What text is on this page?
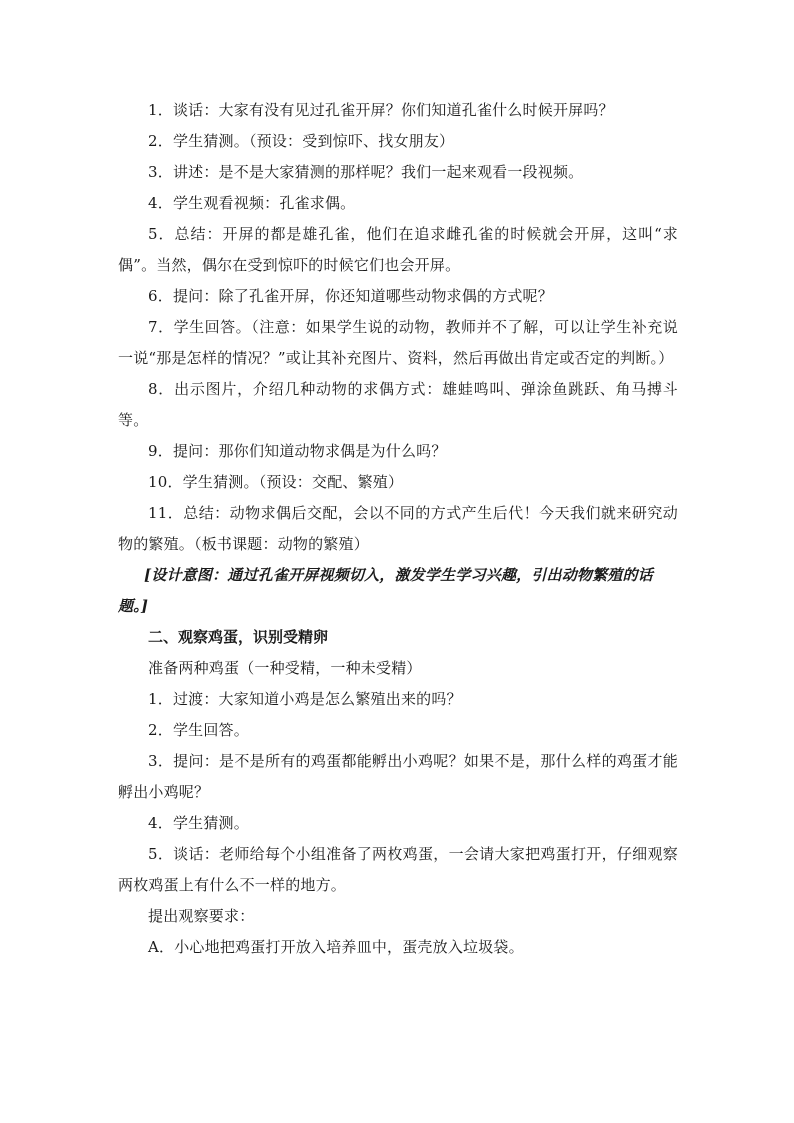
1．谈话：大家有没有见过孔雀开屏？你们知道孔雀什么时候开屏吗？

2．学生猜测。（预设：受到惊吓、找女朋友）

3．讲述：是不是大家猜测的那样呢？我们一起来观看一段视频。

4．学生观看视频：孔雀求偶。

5．总结：开屏的都是雄孔雀，他们在追求雌孔雀的时候就会开屏，这叫“求偶”。当然，偶尔在受到惊吓的时候它们也会开屏。

6．提问：除了孔雀开屏，你还知道哪些动物求偶的方式呢？

7．学生回答。（注意：如果学生说的动物，教师并不了解，可以让学生补充说一说“那是怎样的情况？”或让其补充图片、资料，然后再做出肯定或否定的判断。）

8．出示图片，介绍几种动物的求偶方式：雄蛙鸣叫、弹涂鱼跳跃、角马搏斗等。

9．提问：那你们知道动物求偶是为什么吗？

10．学生猜测。（预设：交配、繁殖）

11．总结：动物求偶后交配，会以不同的方式产生后代！今天我们就来研究动物的繁殖。（板书课题：动物的繁殖）

[设计意图：通过孔雀开屏视频切入，激发学生学习兴趣，引出动物繁殖的话题。]

二、观察鸡蛋，识别受精卵

准备两种鸡蛋（一种受精，一种未受精）

1．过渡：大家知道小鸡是怎么繁殖出来的吗？

2．学生回答。

3．提问：是不是所有的鸡蛋都能孵出小鸡呢？如果不是，那什么样的鸡蛋才能孵出小鸡呢？

4．学生猜测。

5．谈话：老师给每个小组准备了两枚鸡蛋，一会请大家把鸡蛋打开，仔细观察两枚鸡蛋上有什么不一样的地方。

提出观察要求：

A．小心地把鸡蛋打开放入培养皿中，蛋壳放入垃圾袋。
